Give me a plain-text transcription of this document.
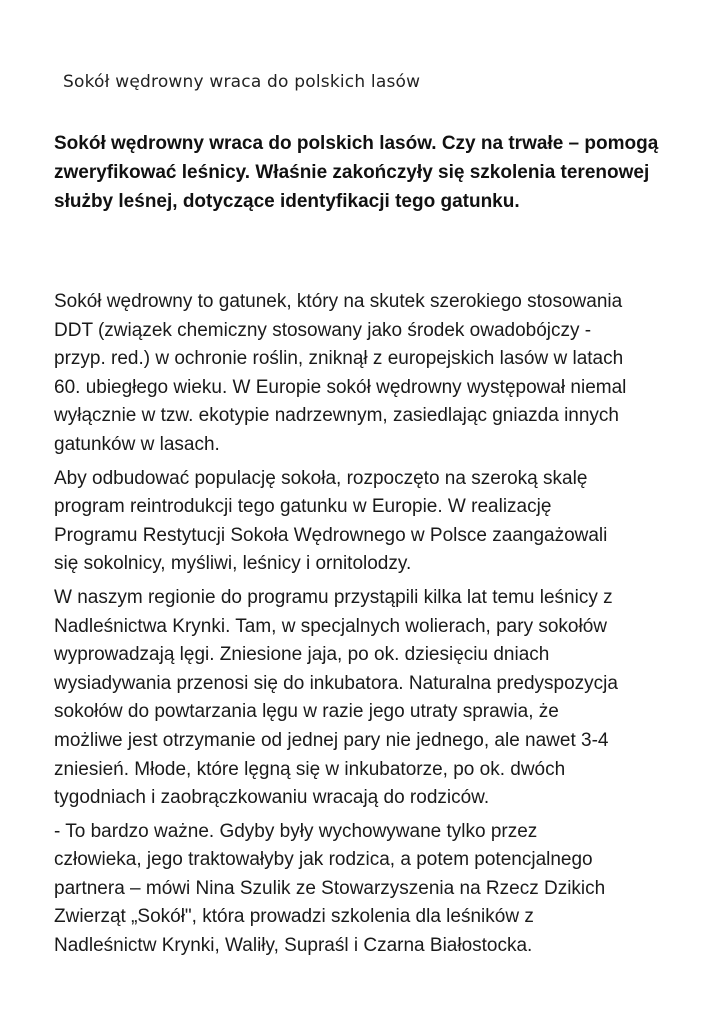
Sokół wędrowny wraca do polskich lasów

Sokół wędrowny wraca do polskich lasów. Czy na trwałe – pomogą zweryfikować leśnicy. Właśnie zakończyły się szkolenia terenowej służby leśnej, dotyczące identyfikacji tego gatunku.

Sokół wędrowny to gatunek, który na skutek szerokiego stosowania
DDT (związek chemiczny stosowany jako środek owadobójczy -
przyp. red.) w ochronie roślin, zniknął z europejskich lasów w latach
60. ubiegłego wieku. W Europie sokół wędrowny występował niemal
wyłącznie w tzw. ekotypie nadrzewnym, zasiedlając gniazda innych
gatunków w lasach.

Aby odbudować populację sokoła, rozpoczęto na szeroką skalę
program reintrodukcji tego gatunku w Europie. W realizację
Programu Restytucji Sokoła Wędrownego w Polsce zaangażowali
się sokolnicy, myśliwi, leśnicy i ornitolodzy.

W naszym regionie do programu przystąpili kilka lat temu leśnicy z
Nadleśnictwa Krynki. Tam, w specjalnych wolierach, pary sokołów
wyprowadzają lęgi. Zniesione jaja, po ok. dziesięciu dniach
wysiadywania przenosi się do inkubatora. Naturalna predyspozycja
sokołów do powtarzania lęgu w razie jego utraty sprawia, że
możliwe jest otrzymanie od jednej pary nie jednego, ale nawet 3-4
zniesień. Młode, które lęgną się w inkubatorze, po ok. dwóch
tygodniach i zaobrączkowaniu wracają do rodziców.

- To bardzo ważne. Gdyby były wychowywane tylko przez
człowieka, jego traktowałyby jak rodzica, a potem potencjalnego
partnera – mówi Nina Szulik ze Stowarzyszenia na Rzecz Dzikich
Zwierząt „Sokół", która prowadzi szkolenia dla leśników z
Nadleśnictw Krynki, Waliły, Supraśl i Czarna Białostocka.
